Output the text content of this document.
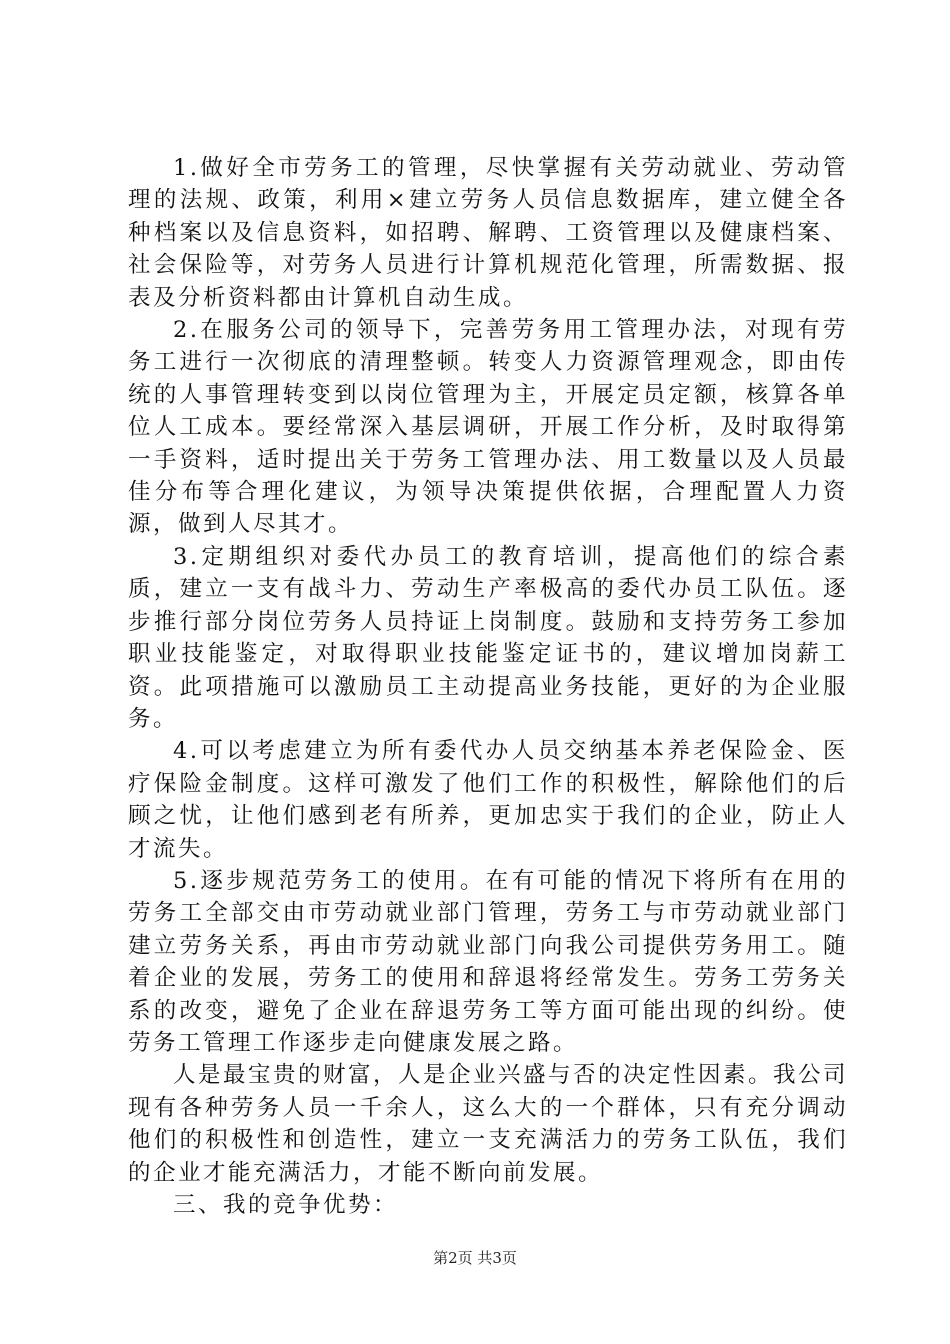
1.做好全市劳务工的管理，尽快掌握有关劳动就业、劳动管理的法规、政策，利用×建立劳务人员信息数据库，建立健全各种档案以及信息资料，如招聘、解聘、工资管理以及健康档案、社会保险等，对劳务人员进行计算机规范化管理，所需数据、报表及分析资料都由计算机自动生成。

2.在服务公司的领导下，完善劳务用工管理办法，对现有劳务工进行一次彻底的清理整顿。转变人力资源管理观念，即由传统的人事管理转变到以岗位管理为主，开展定员定额，核算各单位人工成本。要经常深入基层调研，开展工作分析，及时取得第一手资料，适时提出关于劳务工管理办法、用工数量以及人员最佳分布等合理化建议，为领导决策提供依据，合理配置人力资源，做到人尽其才。

3.定期组织对委代办员工的教育培训，提高他们的综合素质，建立一支有战斗力、劳动生产率极高的委代办员工队伍。逐步推行部分岗位劳务人员持证上岗制度。鼓励和支持劳务工参加职业技能鉴定，对取得职业技能鉴定证书的，建议增加岗薪工资。此项措施可以激励员工主动提高业务技能，更好的为企业服务。

4.可以考虑建立为所有委代办人员交纳基本养老保险金、医疗保险金制度。这样可激发了他们工作的积极性，解除他们的后顾之忧，让他们感到老有所养，更加忠实于我们的企业，防止人才流失。

5.逐步规范劳务工的使用。在有可能的情况下将所有在用的劳务工全部交由市劳动就业部门管理，劳务工与市劳动就业部门建立劳务关系，再由市劳动就业部门向我公司提供劳务用工。随着企业的发展，劳务工的使用和辞退将经常发生。劳务工劳务关系的改变，避免了企业在辞退劳务工等方面可能出现的纠纷。使劳务工管理工作逐步走向健康发展之路。

人是最宝贵的财富，人是企业兴盛与否的决定性因素。我公司现有各种劳务人员一千余人，这么大的一个群体，只有充分调动他们的积极性和创造性，建立一支充满活力的劳务工队伍，我们的企业才能充满活力，才能不断向前发展。

三、我的竞争优势：

第2页 共3页
